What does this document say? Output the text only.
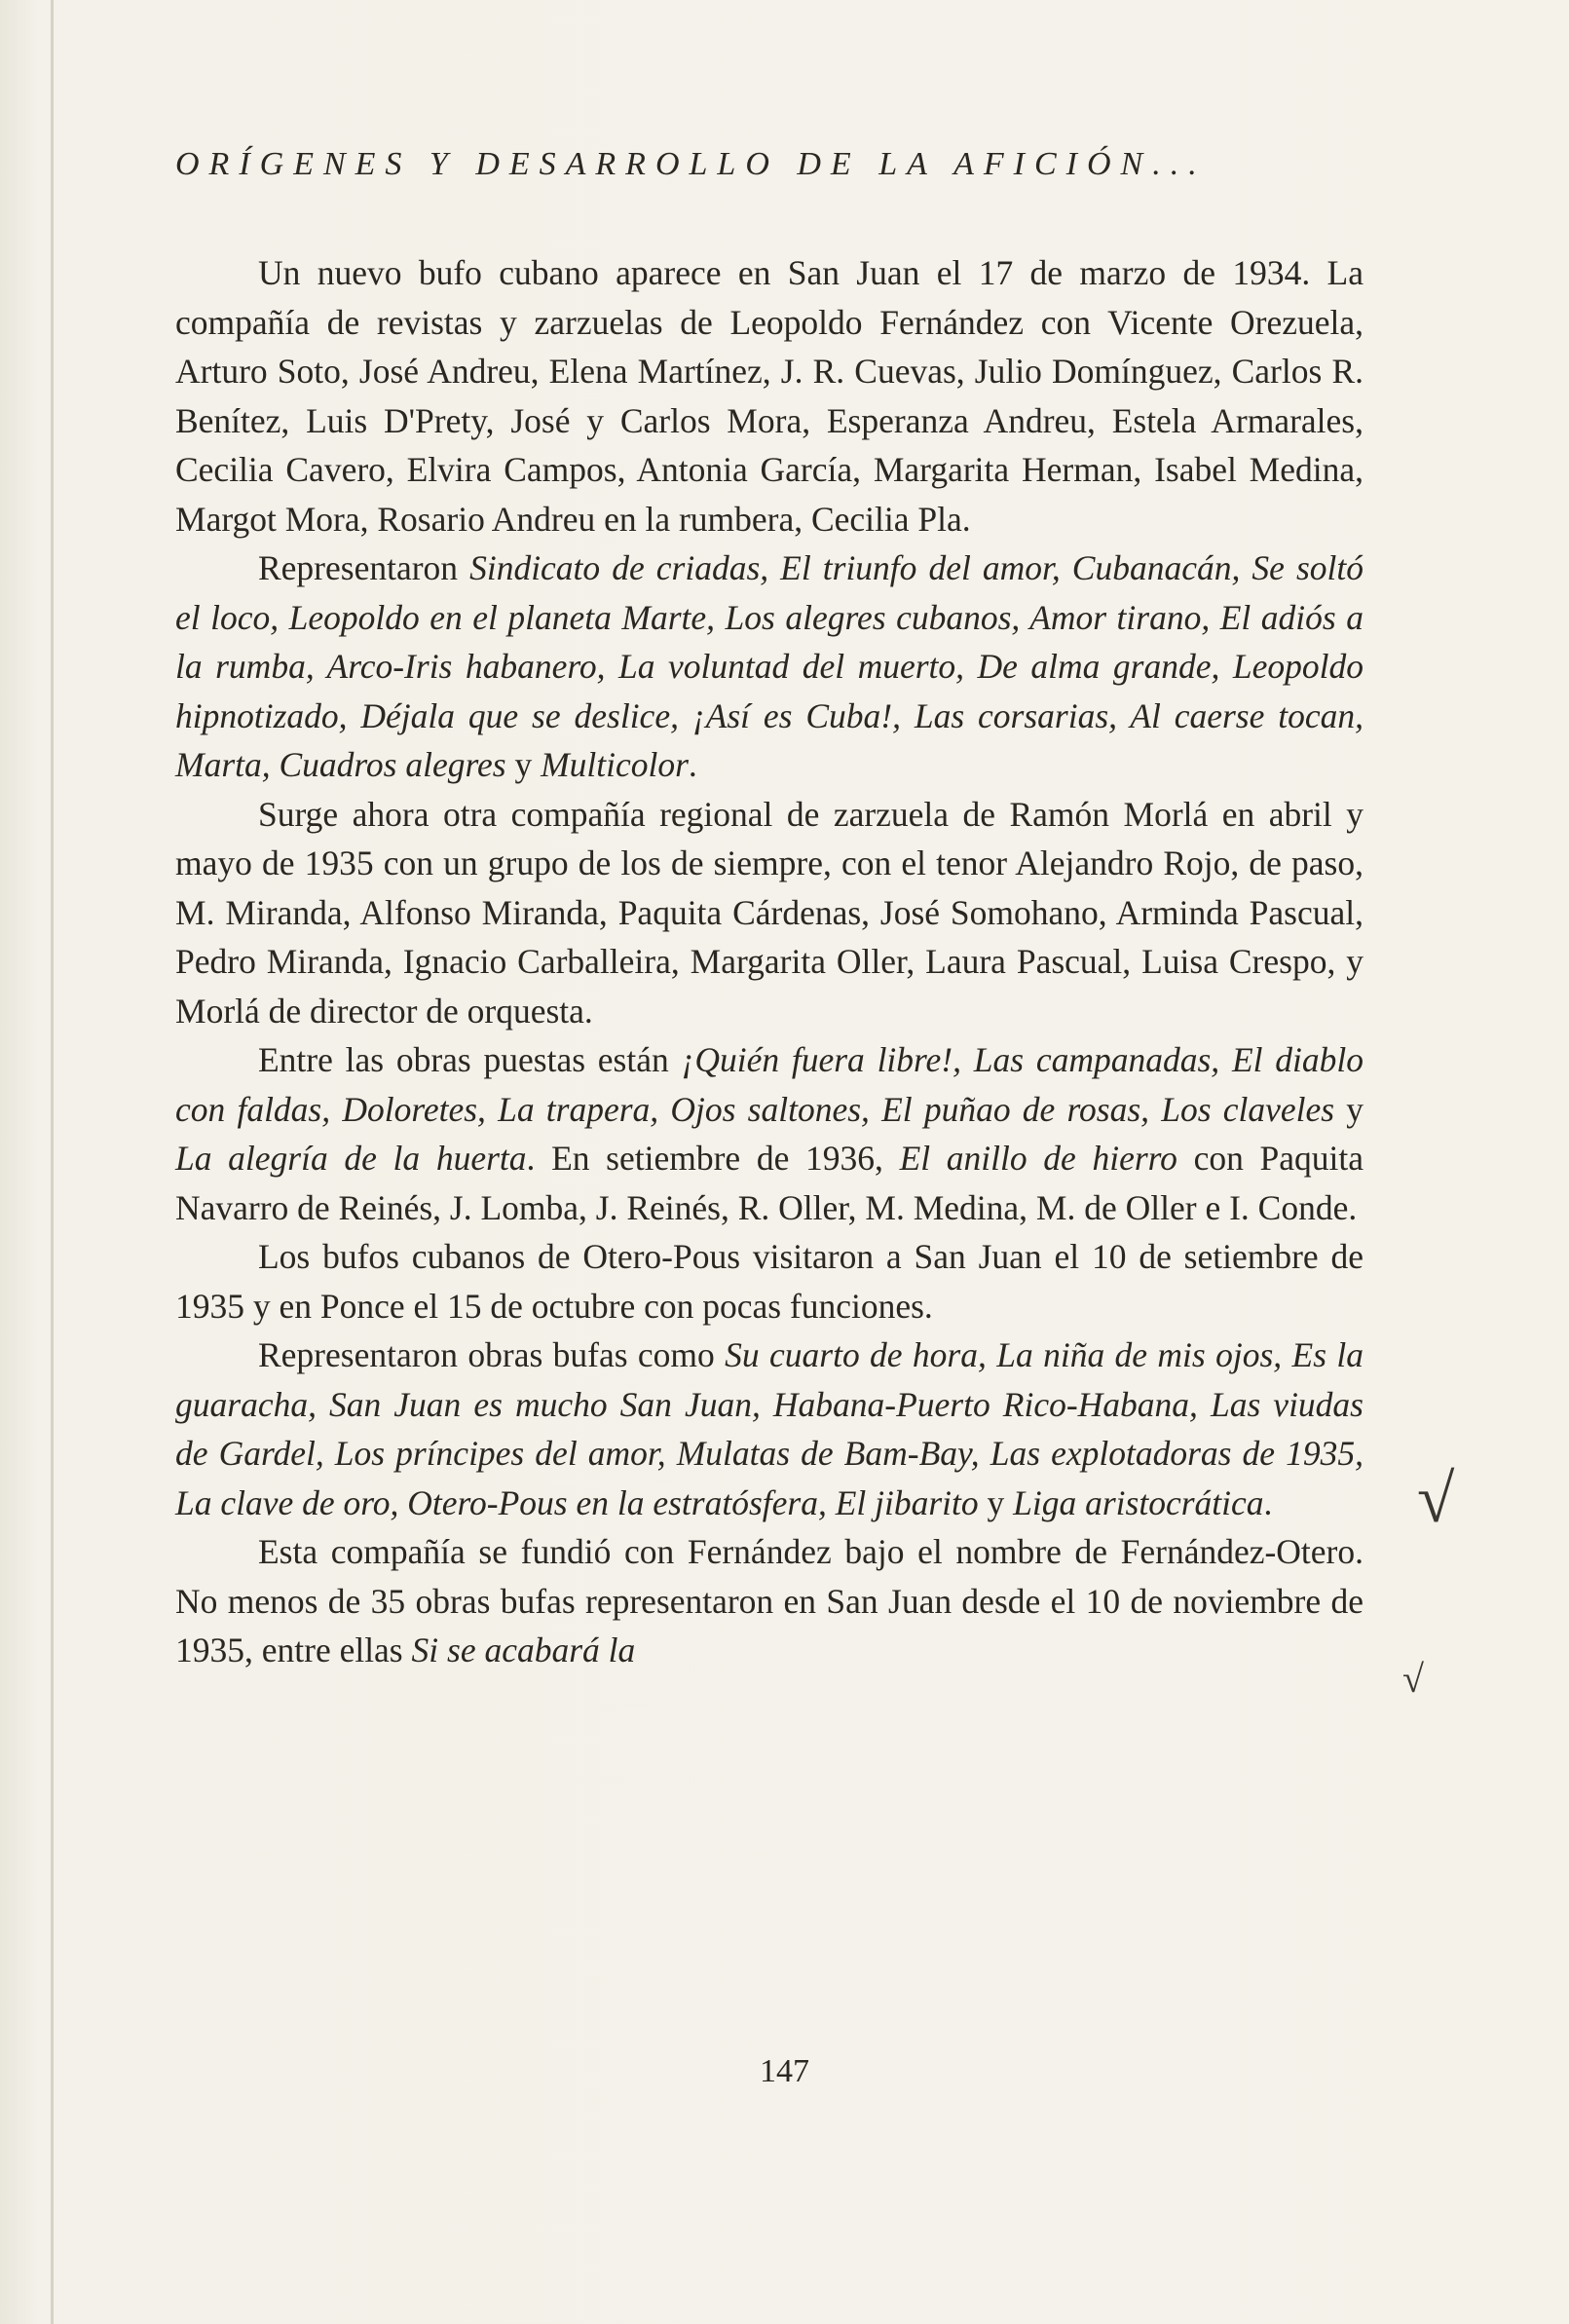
ORÍGENES Y DESARROLLO DE LA AFICIÓN...

Un nuevo bufo cubano aparece en San Juan el 17 de marzo de 1934. La compañía de revistas y zarzuelas de Leopoldo Fernández con Vicente Orezuela, Arturo Soto, José Andreu, Elena Martínez, J. R. Cuevas, Julio Domínguez, Carlos R. Benítez, Luis D'Prety, José y Carlos Mora, Esperanza Andreu, Estela Armarales, Cecilia Cavero, Elvira Campos, Antonia García, Margarita Herman, Isabel Medina, Margot Mora, Rosario Andreu en la rumbera, Cecilia Pla.

Representaron Sindicato de criadas, El triunfo del amor, Cubanacán, Se soltó el loco, Leopoldo en el planeta Marte, Los alegres cubanos, Amor tirano, El adiós a la rumba, Arco-Iris habanero, La voluntad del muerto, De alma grande, Leopoldo hipnotizado, Déjala que se deslice, ¡Así es Cuba!, Las corsarias, Al caerse tocan, Marta, Cuadros alegres y Multicolor.

Surge ahora otra compañía regional de zarzuela de Ramón Morlá en abril y mayo de 1935 con un grupo de los de siempre, con el tenor Alejandro Rojo, de paso, M. Miranda, Alfonso Miranda, Paquita Cárdenas, José Somohano, Arminda Pascual, Pedro Miranda, Ignacio Carballeira, Margarita Oller, Laura Pascual, Luisa Crespo, y Morlá de director de orquesta.

Entre las obras puestas están ¡Quién fuera libre!, Las campanadas, El diablo con faldas, Doloretes, La trapera, Ojos saltones, El puñao de rosas, Los claveles y La alegría de la huerta. En setiembre de 1936, El anillo de hierro con Paquita Navarro de Reinés, J. Lomba, J. Reinés, R. Oller, M. Medina, M. de Oller e I. Conde.

Los bufos cubanos de Otero-Pous visitaron a San Juan el 10 de setiembre de 1935 y en Ponce el 15 de octubre con pocas funciones.

Representaron obras bufas como Su cuarto de hora, La niña de mis ojos, Es la guaracha, San Juan es mucho San Juan, Habana-Puerto Rico-Habana, Las viudas de Gardel, Los príncipes del amor, Mulatas de Bam-Bay, Las explotadoras de 1935, La clave de oro, Otero-Pous en la estratósfera, El jibarito y Liga aristocrática.

Esta compañía se fundió con Fernández bajo el nombre de Fernández-Otero. No menos de 35 obras bufas representaron en San Juan desde el 10 de noviembre de 1935, entre ellas Si se acabará la

√
√
147
